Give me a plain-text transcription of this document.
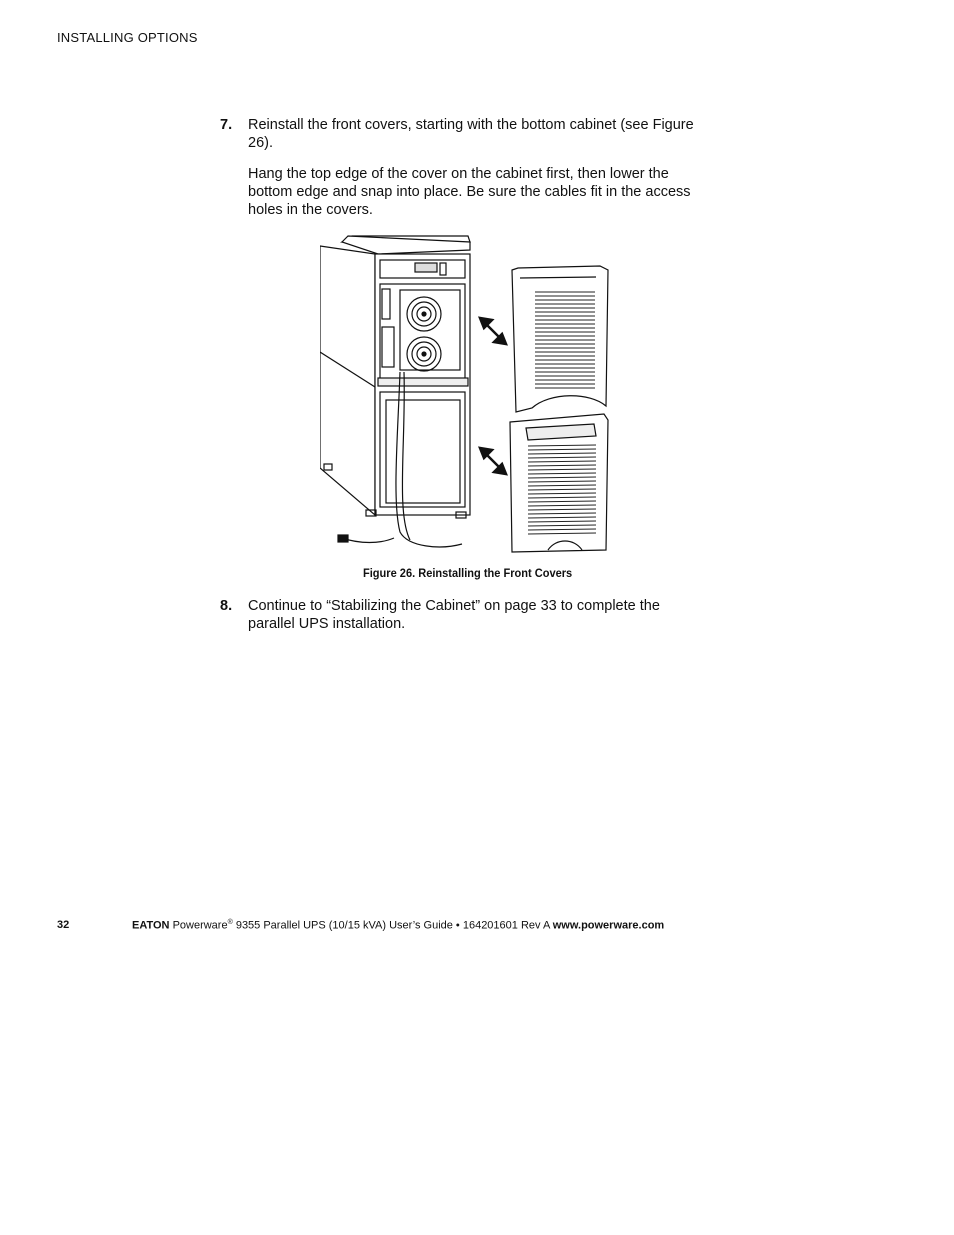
INSTALLING OPTIONS
7. Reinstall the front covers, starting with the bottom cabinet (see Figure 26).

Hang the top edge of the cover on the cabinet first, then lower the bottom edge and snap into place. Be sure the cables fit in the access holes in the covers.

Figure 26. Reinstalling the Front Covers
8. Continue to “Stabilizing the Cabinet” on page 33 to complete the parallel UPS installation.

32	EATON Powerware® 9355 Parallel UPS (10/15 kVA) User’s Guide • 164201601 Rev A www.powerware.com
